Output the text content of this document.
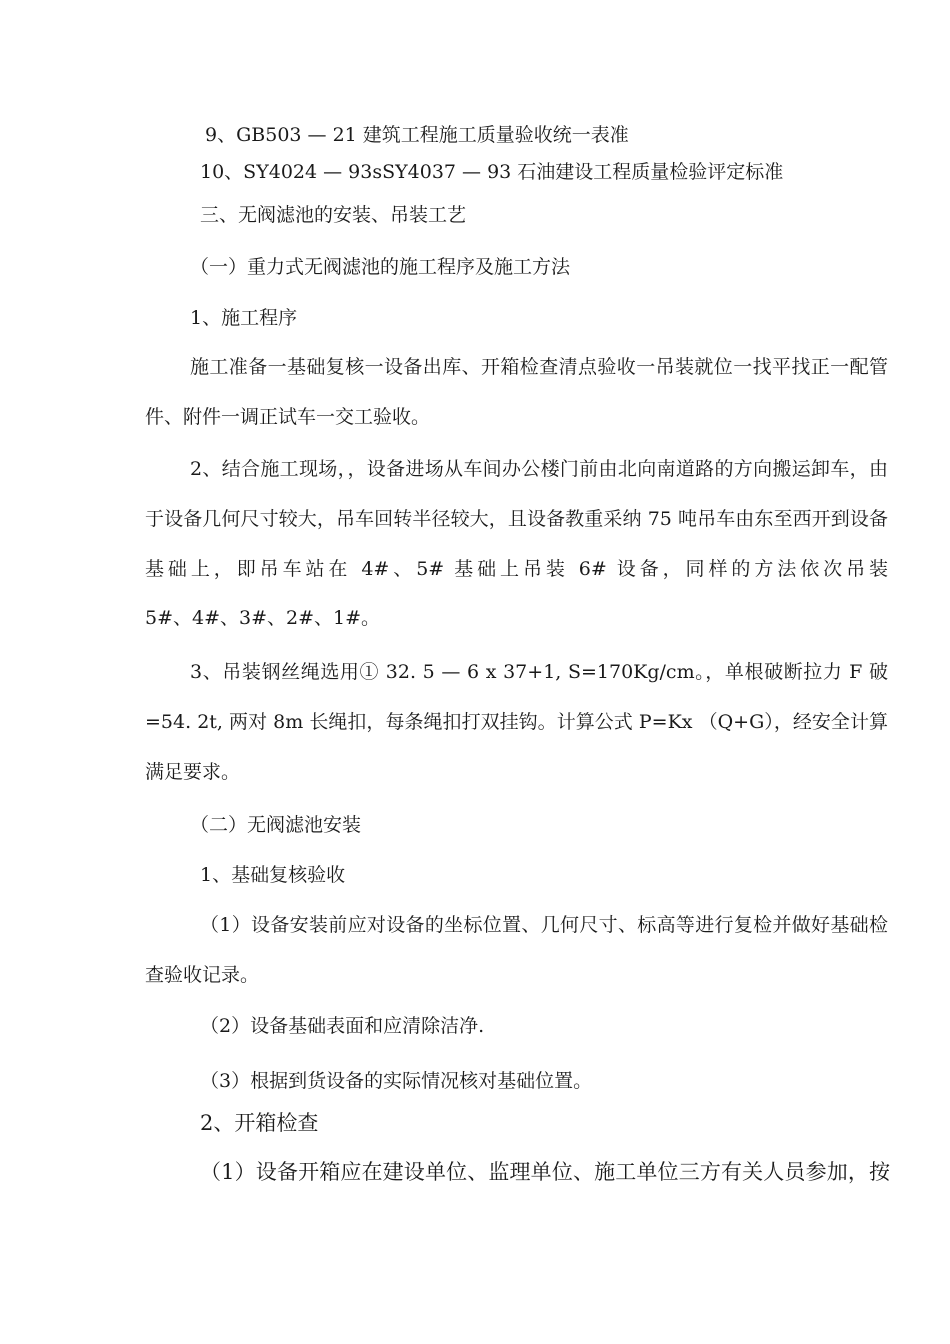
9、GB503 — 21 建筑工程施工质量验收统一表准
10、SY4024 — 93sSY4037 — 93 石油建设工程质量检验评定标准
三、无阀滤池的安装、吊装工艺
（一）重力式无阀滤池的施工程序及施工方法
1、施工程序
施工准备一基础复核一设备出库、开箱检查清点验收一吊装就位一找平找正一配管
件、附件一调正试车一交工验收。
2、结合施工现场，，设备进场从车间办公楼门前由北向南道路的方向搬运卸车，由
于设备几何尺寸较大，吊车回转半径较大，且设备教重采纳 75 吨吊车由东至西开到设备
基础上，即吊车站在 4#、5# 基础上吊装 6# 设备，同样的方法依次吊装
5#、4#、3#、2#、1#。
3、吊装钢丝绳选用① 32. 5 — 6 x 37+1, S=170Kg/cm。，单根破断拉力 F 破
=54. 2t, 两对 8m 长绳扣，每条绳扣打双挂钩。计算公式 P=Kx （Q+G），经安全计算
满足要求。
（二）无阀滤池安装
1、基础复核验收
（1）设备安装前应对设备的坐标位置、几何尺寸、标高等进行复检并做好基础检
查验收记录。
（2）设备基础表面和应清除洁净.
（3）根据到货设备的实际情况核对基础位置。
2、开箱检查
（1）设备开箱应在建设单位、监理单位、施工单位三方有关人员参加，按
